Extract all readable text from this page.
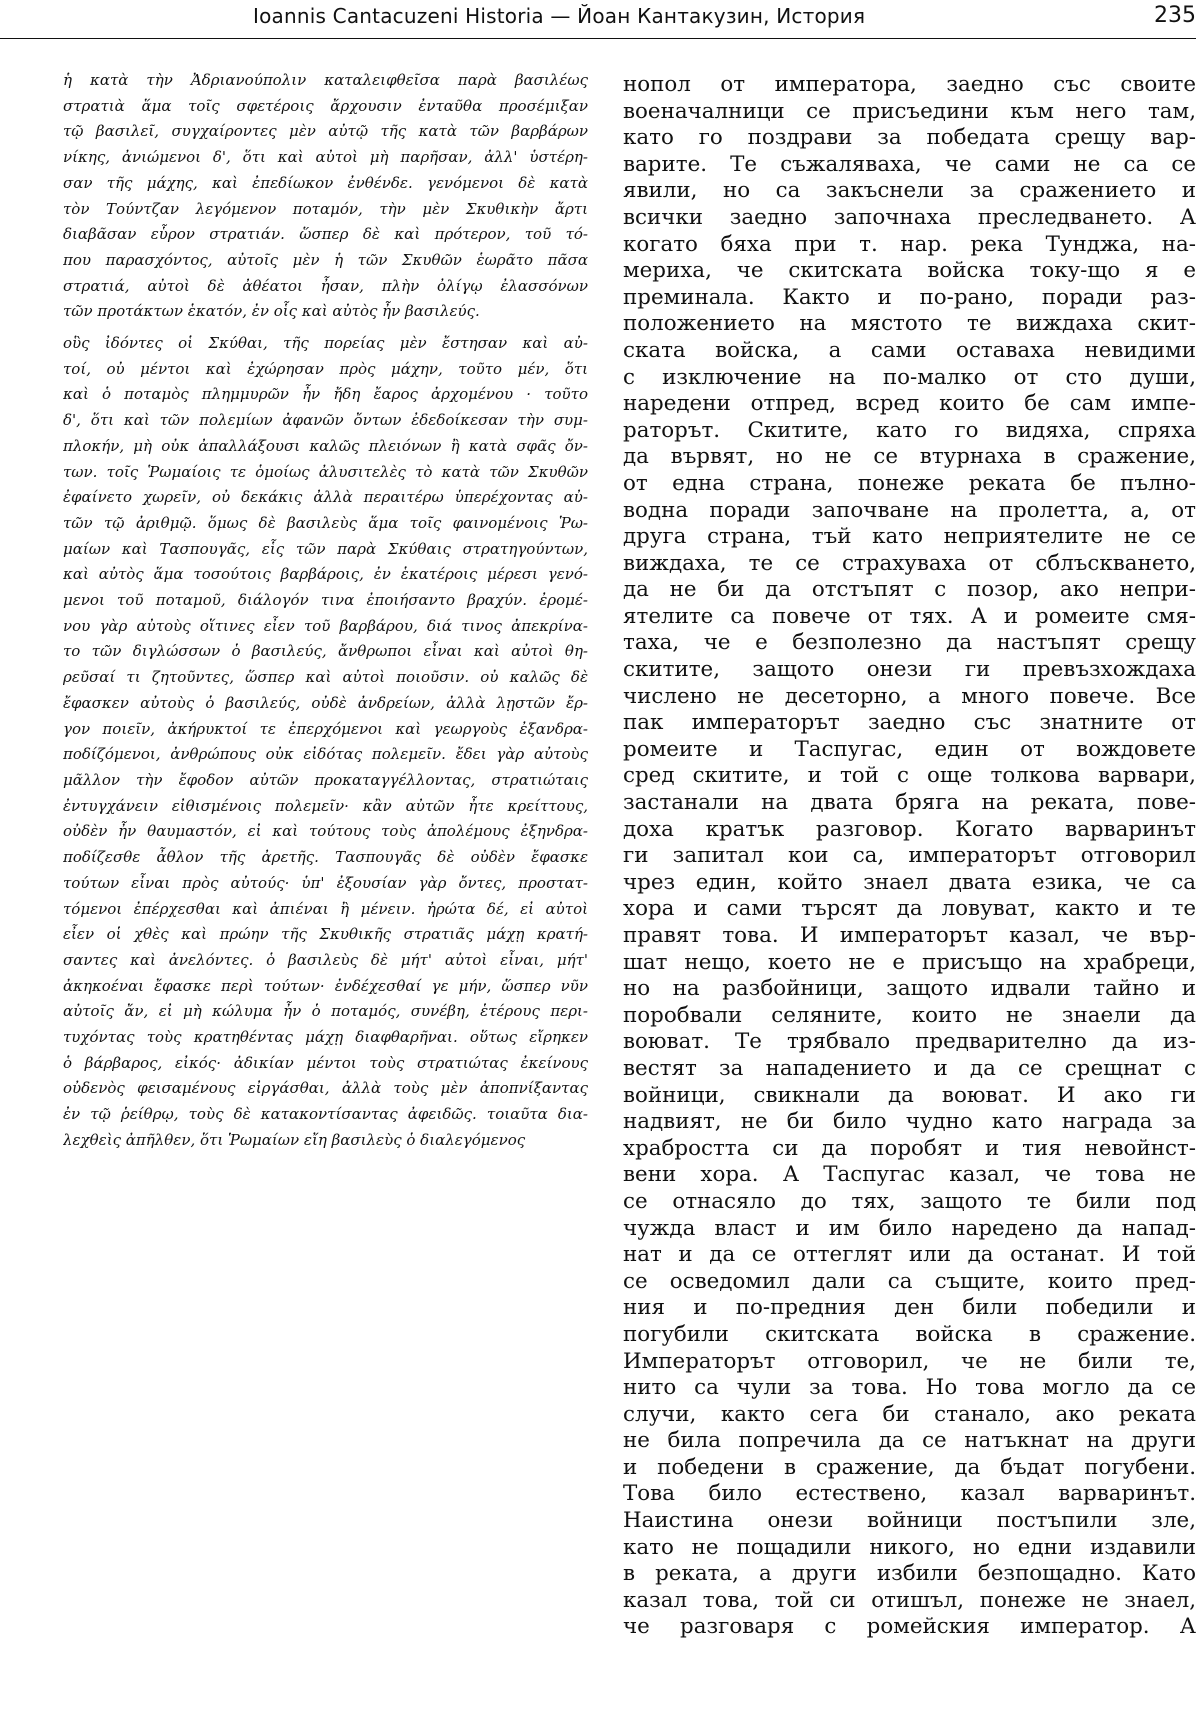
Ioannis Cantacuzeni Historia — Йоан Кантакузин, История	235
ἡ κατὰ τὴν Ἀδριανούπολιν καταλειφθεῖσα παρὰ βασιλέως
στρατιὰ ἅμα τοῖς σφετέροις ἄρχουσιν ἐνταῦθα προσέμιξαν
τῷ βασιλεῖ, συγχαίροντες μὲν αὐτῷ τῆς κατὰ τῶν βαρβάρων
νίκης, ἀνιώμενοι δ', ὅτι καὶ αὐτοὶ μὴ παρῆσαν, ἀλλ' ὑστέρη-
σαν τῆς μάχης, καὶ ἐπεδίωκον ἐνθένδε. γενόμενοι δὲ κατὰ
τὸν Τούντζαν λεγόμενον ποταμόν, τὴν μὲν Σκυθικὴν ἄρτι
διαβᾶσαν εὗρον στρατιάν. ὥσπερ δὲ καὶ πρότερον, τοῦ τό-
που παρασχόντος, αὐτοῖς μὲν ἡ τῶν Σκυθῶν ἑωρᾶτο πᾶσα
στρατιά, αὐτοὶ δὲ ἀθέατοι ἦσαν, πλὴν ὀλίγῳ ἐλασσόνων
τῶν προτάκτων ἑκατόν, ἐν οἷς καὶ αὐτὸς ἦν βασιλεύς.
οὓς ἰδόντες οἱ Σκύθαι, τῆς πορείας μὲν ἔστησαν καὶ αὐ-
τοί, οὐ μέντοι καὶ ἐχώρησαν πρὸς μάχην, τοῦτο μέν, ὅτι
καὶ ὁ ποταμὸς πλημμυρῶν ἦν ἤδη ἔαρος ἀρχομένου · τοῦτο
δ', ὅτι καὶ τῶν πολεμίων ἀφανῶν ὄντων ἐδεδοίκεσαν τὴν συμ-
πλοκήν, μὴ οὐκ ἀπαλλάξουσι καλῶς πλειόνων ἢ κατὰ σφᾶς ὄν-
των. τοῖς Ῥωμαίοις τε ὁμοίως ἀλυσιτελὲς τὸ κατὰ τῶν Σκυθῶν
ἐφαίνετο χωρεῖν, οὐ δεκάκις ἀλλὰ περαιτέρω ὑπερέχοντας αὐ-
τῶν τῷ ἀριθμῷ. ὅμως δὲ βασιλεὺς ἅμα τοῖς φαινομένοις Ῥω-
μαίων καὶ Τασπουγᾶς, εἷς τῶν παρὰ Σκύθαις στρατηγούντων,
καὶ αὐτὸς ἅμα τοσούτοις βαρβάροις, ἐν ἑκατέροις μέρεσι γενό-
μενοι τοῦ ποταμοῦ, διάλογόν τινα ἐποιήσαντο βραχύν. ἐρομέ-
νου γὰρ αὐτοὺς οἵτινες εἶεν τοῦ βαρβάρου, διά τινος ἀπεκρίνα-
το τῶν διγλώσσων ὁ βασιλεύς, ἄνθρωποι εἶναι καὶ αὐτοὶ θη-
ρεῦσαί τι ζητοῦντες, ὥσπερ καὶ αὐτοὶ ποιοῦσιν. οὐ καλῶς δὲ
ἔφασκεν αὐτοὺς ὁ βασιλεύς, οὐδὲ ἀνδρείων, ἀλλὰ λῃστῶν ἔρ-
γον ποιεῖν, ἀκήρυκτοί τε ἐπερχόμενοι καὶ γεωργοὺς ἐξανδρα-
ποδίζόμενοι, ἀνθρώπους οὐκ εἰδότας πολεμεῖν. ἔδει γὰρ αὐτοὺς
μᾶλλον τὴν ἔφοδον αὐτῶν προκαταγγέλλοντας, στρατιώταις
ἐντυγχάνειν εἰθισμένοις πολεμεῖν· κἂν αὐτῶν ἦτε κρείττους,
οὐδὲν ἦν θαυμαστόν, εἰ καὶ τούτους τοὺς ἀπολέμους ἐξηνδρα-
ποδίζεσθε ἆθλον τῆς ἀρετῆς. Τασπουγᾶς δὲ οὐδὲν ἔφασκε
τούτων εἶναι πρὸς αὐτούς· ὑπ' ἐξουσίαν γὰρ ὄντες, προστατ-
τόμενοι ἐπέρχεσθαι καὶ ἀπιέναι ἢ μένειν. ἠρώτα δέ, εἰ αὐτοὶ
εἶεν οἱ χθὲς καὶ πρώην τῆς Σκυθικῆς στρατιᾶς μάχῃ κρατή-
σαντες καὶ ἀνελόντες. ὁ βασιλεὺς δὲ μήτ' αὐτοὶ εἶναι, μήτ'
ἀκηκοέναι ἔφασκε περὶ τούτων· ἐνδέχεσθαί γε μήν, ὥσπερ νῦν
αὐτοῖς ἄν, εἰ μὴ κώλυμα ἦν ὁ ποταμός, συνέβη, ἑτέρους περι-
τυχόντας τοὺς κρατηθέντας μάχῃ διαφθαρῆναι. οὕτως εἴρηκεν
ὁ βάρβαρος, εἰκός· ἀδικίαν μέντοι τοὺς στρατιώτας ἐκείνους
οὐδενὸς φεισαμένους εἰργάσθαι, ἀλλὰ τοὺς μὲν ἀποπνίξαντας
ἐν τῷ ῥείθρῳ, τοὺς δὲ κατακοντίσαντας ἀφειδῶς. τοιαῦτα δια-
λεχθεὶς ἀπῆλθεν, ὅτι Ῥωμαίων εἴη βασιλεὺς ὁ διαλεγόμενος
нопол от императора, заедно със своите
военачалници се присъедини към него там,
като го поздрави за победата срещу вар-
варите. Те съжаляваха, че сами не са се
явили, но са закъснели за сражението и
всички заедно започнаха преследването. А
когато бяха при т. нар. река Тунджа, на-
мериха, че скитската войска току-що я е
преминала. Както и по-рано, поради раз-
положението на мястото те виждаха скит-
ската войска, а сами оставаха невидими
с изключение на по-малко от сто души,
наредени отпред, всред които бе сам импе-
раторът. Скитите, като го видяха, спряха
да вървят, но не се втурнаха в сражение,
от една страна, понеже реката бе пълно-
водна поради започване на пролетта, а, от
друга страна, тъй като неприятелите не се
виждаха, те се страхуваха от сблъскването,
да не би да отстъпят с позор, ако непри-
ятелите са повече от тях. А и ромеите смя-
таха, че е безполезно да настъпят срещу
скитите, защото онези ги превъзхождаха
числено не десеторно, а много повече. Все
пак императорът заедно със знатните от
ромеите и Таспугас, един от вождовете
сред скитите, и той с още толкова варвари,
застанали на двата бряга на реката, пове-
доха кратък разговор. Когато варваринът
ги запитал кои са, императорът отговорил
чрез един, който знаел двата езика, че са
хора и сами търсят да ловуват, както и те
правят това. И императорът казал, че вър-
шат нещо, което не е присъщо на храбреци,
но на разбойници, защото идвали тайно и
поробвали селяните, които не знаели да
воюват. Те трябвало предварително да из-
вестят за нападението и да се срещнат с
войници, свикнали да воюват. И ако ги
надвият, не би било чудно като награда за
храбростта си да поробят и тия невойнст-
вени хора. А Таспугас казал, че това не
се отнасяло до тях, защото те били под
чужда власт и им било наредено да напад-
нат и да се оттеглят или да останат. И той
се осведомил дали са същите, които пред-
ния и по-предния ден били победили и
погубили скитската войска в сражение.
Императорът отговорил, че не били те,
нито са чули за това. Но това могло да се
случи, както сега би станало, ако реката
не била попречила да се натъкнат на други
и победени в сражение, да бъдат погубени.
Това било естествено, казал варваринът.
Наистина онези войници постъпили зле,
като не пощадили никого, но едни издавили
в реката, а други избили безпощадно. Като
казал това, той си отишъл, понеже не знаел,
че разговаря с ромейския император. А
